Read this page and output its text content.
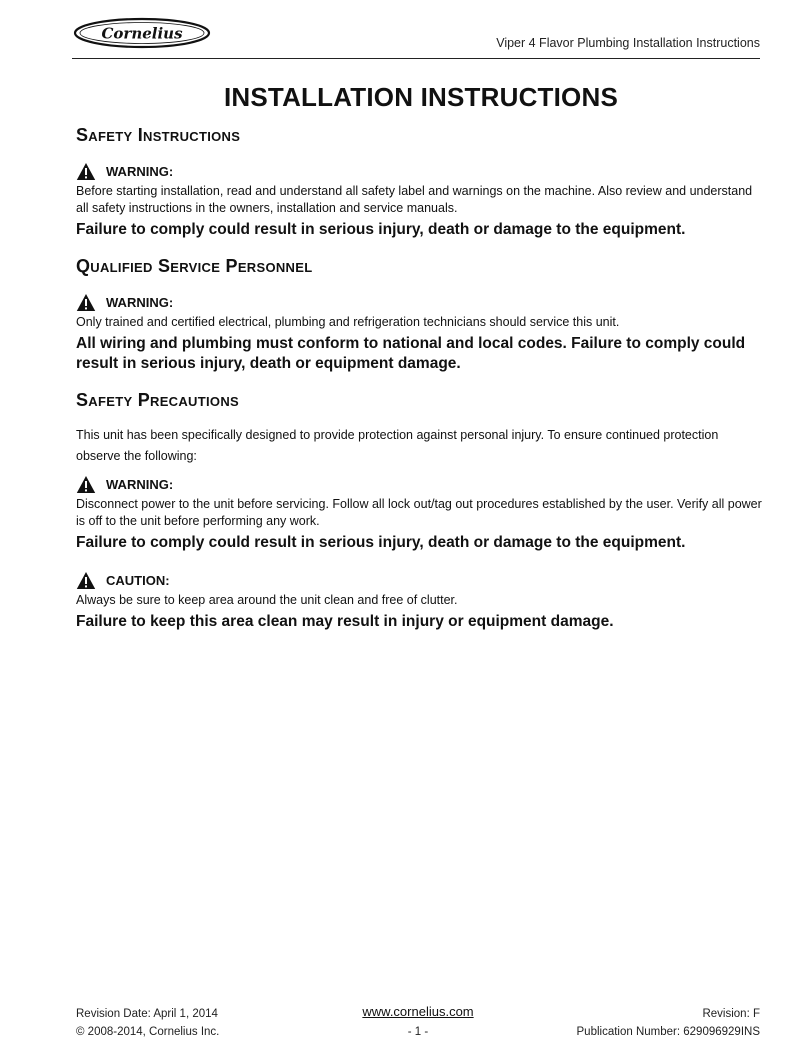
Cornelius
Viper 4 Flavor Plumbing Installation Instructions
INSTALLATION INSTRUCTIONS
Safety Instructions
WARNING:
Before starting installation, read and understand all safety label and warnings on the machine. Also review and understand all safety instructions in the owners, installation and service manuals.
Failure to comply could result in serious injury, death or damage to the equipment.
Qualified Service Personnel
WARNING:
Only trained and certified electrical, plumbing and refrigeration technicians should service this unit.
All wiring and plumbing must conform to national and local codes. Failure to comply could result in serious injury, death or equipment damage.
Safety Precautions
This unit has been specifically designed to provide protection against personal injury. To ensure continued protection observe the following:
WARNING:
Disconnect power to the unit before servicing. Follow all lock out/tag out procedures established by the user. Verify all power is off to the unit before performing any work.
Failure to comply could result in serious injury, death or damage to the equipment.
CAUTION:
Always be sure to keep area around the unit clean and free of clutter.
Failure to keep this area clean may result in injury or equipment damage.
Revision Date: April 1, 2014	www.cornelius.com	Revision: F
© 2008-2014, Cornelius Inc.	- 1 -	Publication Number: 629096929INS
